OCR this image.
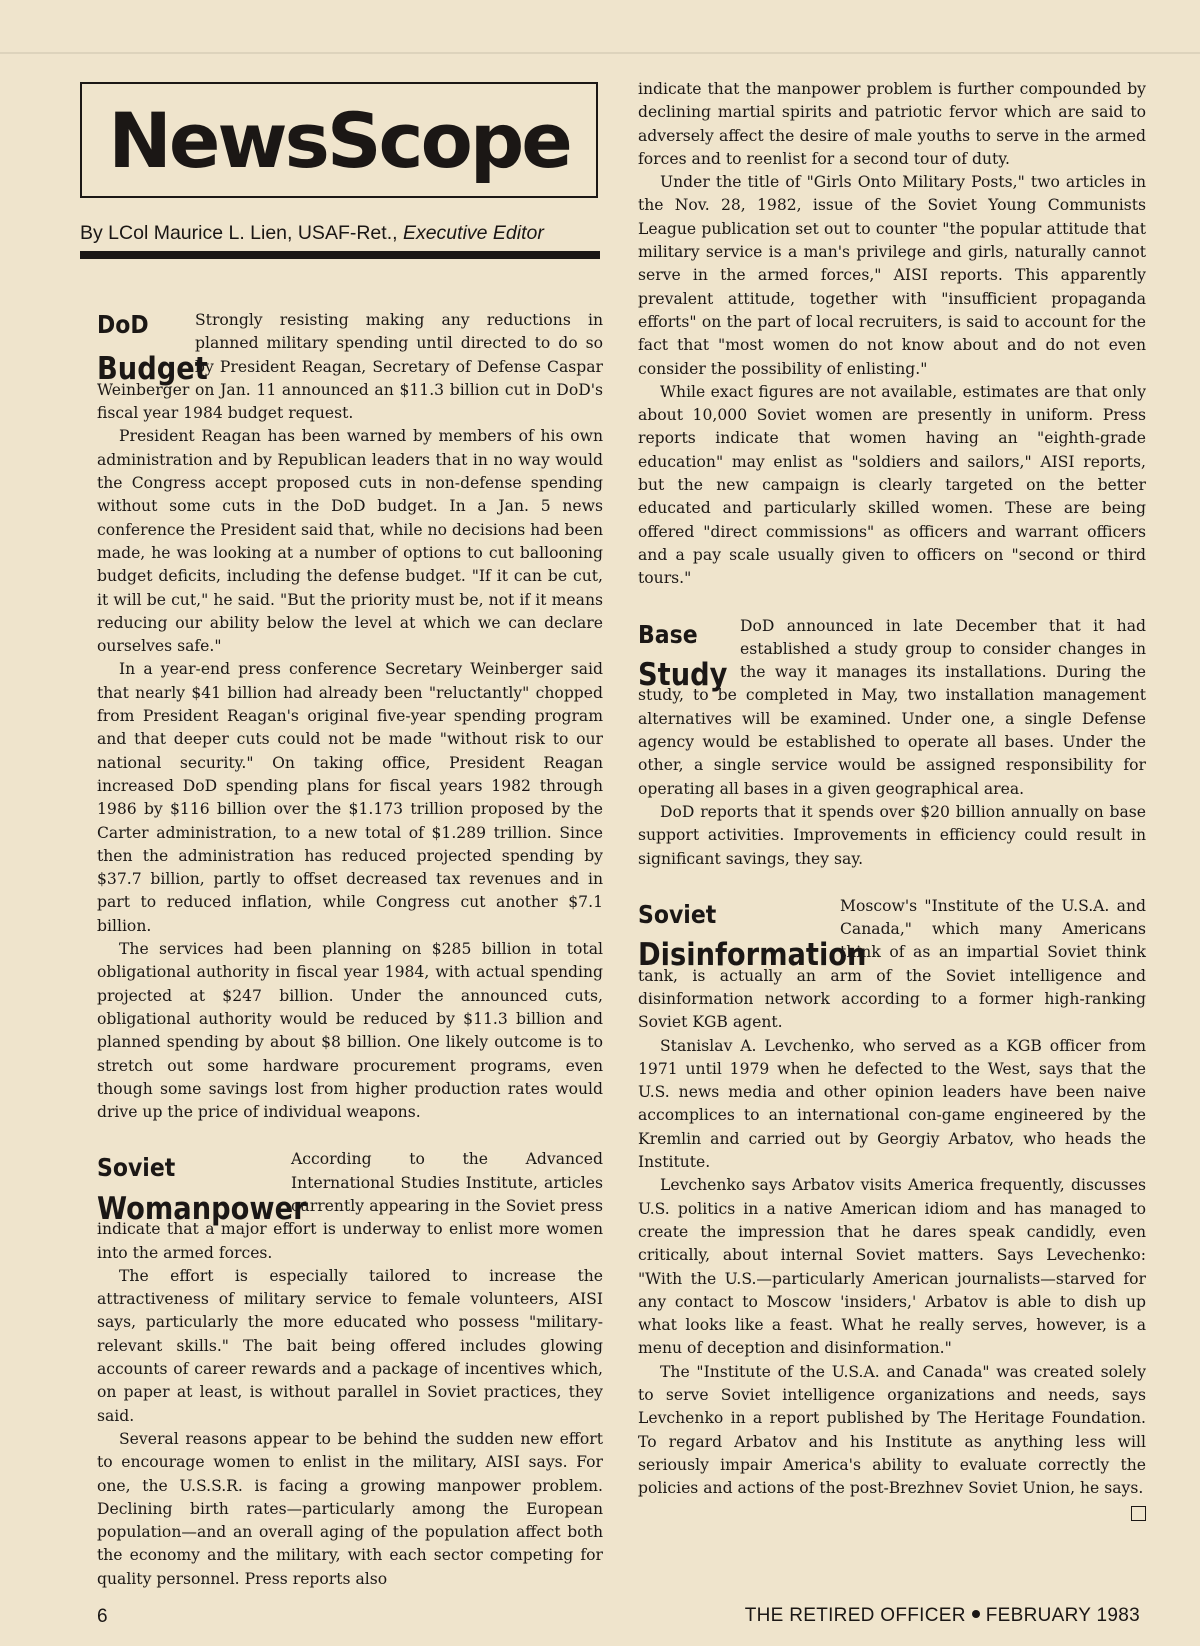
NewsScope
By LCol Maurice L. Lien, USAF-Ret., Executive Editor
DoD
Budget

Strongly resisting making any reductions in planned military spending until directed to do so by President Reagan, Secretary of Defense Caspar Weinberger on Jan. 11 announced an $11.3 billion cut in DoD's fiscal year 1984 budget request.

President Reagan has been warned by members of his own administration and by Republican leaders that in no way would the Congress accept proposed cuts in non-defense spending without some cuts in the DoD budget. In a Jan. 5 news conference the President said that, while no decisions had been made, he was looking at a number of options to cut ballooning budget deficits, including the defense budget. "If it can be cut, it will be cut," he said. "But the priority must be, not if it means reducing our ability below the level at which we can declare ourselves safe."

In a year-end press conference Secretary Weinberger said that nearly $41 billion had already been "reluctantly" chopped from President Reagan's original five-year spending program and that deeper cuts could not be made "without risk to our national security." On taking office, President Reagan increased DoD spending plans for fiscal years 1982 through 1986 by $116 billion over the $1.173 trillion proposed by the Carter administration, to a new total of $1.289 trillion. Since then the administration has reduced projected spending by $37.7 billion, partly to offset decreased tax revenues and in part to reduced inflation, while Congress cut another $7.1 billion.

The services had been planning on $285 billion in total obligational authority in fiscal year 1984, with actual spending projected at $247 billion. Under the announced cuts, obligational authority would be reduced by $11.3 billion and planned spending by about $8 billion. One likely outcome is to stretch out some hardware procurement programs, even though some savings lost from higher production rates would drive up the price of individual weapons.

Soviet
Womanpower

According to the Advanced International Studies Institute, articles currently appearing in the Soviet press indicate that a major effort is underway to enlist more women into the armed forces.

The effort is especially tailored to increase the attractiveness of military service to female volunteers, AISI says, particularly the more educated who possess "military-relevant skills." The bait being offered includes glowing accounts of career rewards and a package of incentives which, on paper at least, is without parallel in Soviet practices, they said.

Several reasons appear to be behind the sudden new effort to encourage women to enlist in the military, AISI says. For one, the U.S.S.R. is facing a growing manpower problem. Declining birth rates—particularly among the European population—and an overall aging of the population affect both the economy and the military, with each sector competing for quality personnel. Press reports also

indicate that the manpower problem is further compounded by declining martial spirits and patriotic fervor which are said to adversely affect the desire of male youths to serve in the armed forces and to reenlist for a second tour of duty.

Under the title of "Girls Onto Military Posts," two articles in the Nov. 28, 1982, issue of the Soviet Young Communists League publication set out to counter "the popular attitude that military service is a man's privilege and girls, naturally cannot serve in the armed forces," AISI reports. This apparently prevalent attitude, together with "insufficient propaganda efforts" on the part of local recruiters, is said to account for the fact that "most women do not know about and do not even consider the possibility of enlisting."

While exact figures are not available, estimates are that only about 10,000 Soviet women are presently in uniform. Press reports indicate that women having an "eighth-grade education" may enlist as "soldiers and sailors," AISI reports, but the new campaign is clearly targeted on the better educated and particularly skilled women. These are being offered "direct commissions" as officers and warrant officers and a pay scale usually given to officers on "second or third tours."

Base
Study

DoD announced in late December that it had established a study group to consider changes in the way it manages its installations. During the study, to be completed in May, two installation management alternatives will be examined. Under one, a single Defense agency would be established to operate all bases. Under the other, a single service would be assigned responsibility for operating all bases in a given geographical area.

DoD reports that it spends over $20 billion annually on base support activities. Improvements in efficiency could result in significant savings, they say.

Soviet
Disinformation

Moscow's "Institute of the U.S.A. and Canada," which many Americans think of as an impartial Soviet think tank, is actually an arm of the Soviet intelligence and disinformation network according to a former high-ranking Soviet KGB agent.

Stanislav A. Levchenko, who served as a KGB officer from 1971 until 1979 when he defected to the West, says that the U.S. news media and other opinion leaders have been naive accomplices to an international con-game engineered by the Kremlin and carried out by Georgiy Arbatov, who heads the Institute.

Levchenko says Arbatov visits America frequently, discusses U.S. politics in a native American idiom and has managed to create the impression that he dares speak candidly, even critically, about internal Soviet matters. Says Levechenko: "With the U.S.—particularly American journalists—starved for any contact to Moscow 'insiders,' Arbatov is able to dish up what looks like a feast. What he really serves, however, is a menu of deception and disinformation."

The "Institute of the U.S.A. and Canada" was created solely to serve Soviet intelligence organizations and needs, says Levchenko in a report published by The Heritage Foundation. To regard Arbatov and his Institute as anything less will seriously impair America's ability to evaluate correctly the policies and actions of the post-Brezhnev Soviet Union, he says.

6	THE RETIRED OFFICER FEBRUARY 1983
